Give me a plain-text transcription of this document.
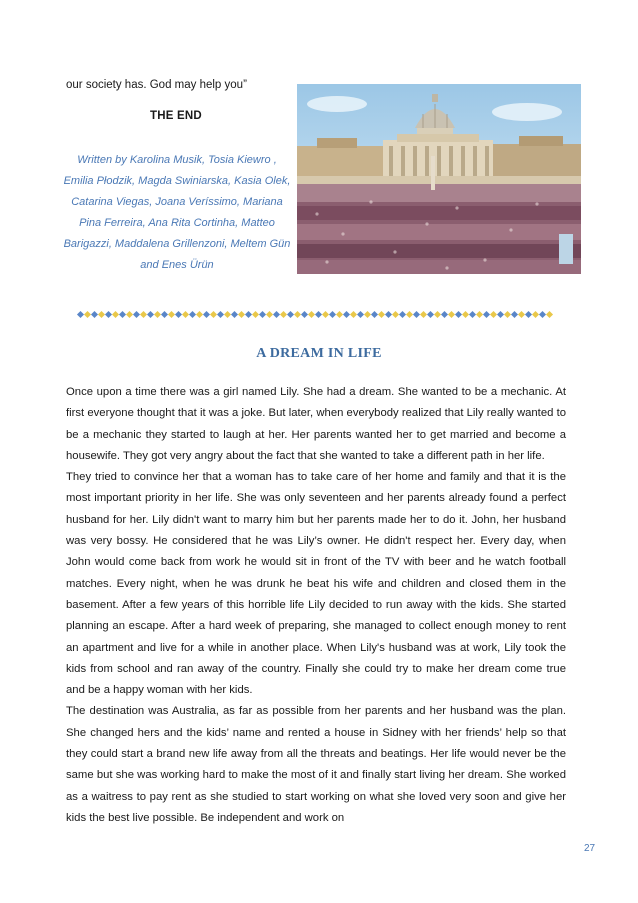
our society has. God may help you”
THE END
Written by Karolina Musik, Tosia Kiewro , Emilia Płodzik, Magda Swiniarska, Kasia Olek, Catarina Viegas, Joana Veríssimo, Mariana Pina Ferreira, Ana Rita Cortinha, Matteo Barigazzi, Maddalena Grillenzoni, Meltem Gün and Enes Ürün
A DREAM IN LIFE

Once upon a time there was a girl named Lily. She had a dream. She wanted to be a mechanic. At first everyone thought that it was a joke. But later, when everybody realized that Lily really wanted to be a mechanic they started to laugh at her. Her parents wanted her to get married and become a housewife. They got very angry about the fact that she wanted to take a different path in her life.

They tried to convince her that a woman has to take care of her home and family and that it is the most important priority in her life. She was only seventeen and her parents already found a perfect husband for her. Lily didn't want to marry him but her parents made her to do it. John, her husband was very bossy. He considered that he was Lily’s owner. He didn't respect her. Every day, when John would come back from work he would sit in front of the TV with beer and he watch football matches. Every night, when he was drunk he beat his wife and children and closed them in the basement. After a few years of this horrible life Lily decided to run away with the kids. She started planning an escape. After a hard week of preparing, she managed to collect enough money to rent an apartment and live for a while in another place. When Lily's husband was at work, Lily took the kids from school and ran away of the country. Finally she could try to make her dream come true and be a happy woman with her kids.

The destination was Australia, as far as possible from her parents and her husband was the plan. She changed hers and the kids’ name and rented a house in Sidney with her friends’ help so that they could start a brand new life away from all the threats and beatings. Her life would never be the same but she was working hard to make the most of it and finally start living her dream. She worked as a waitress to pay rent as she studied to start working on what she loved very soon and give her kids the best live possible. Be independent and work on

27
